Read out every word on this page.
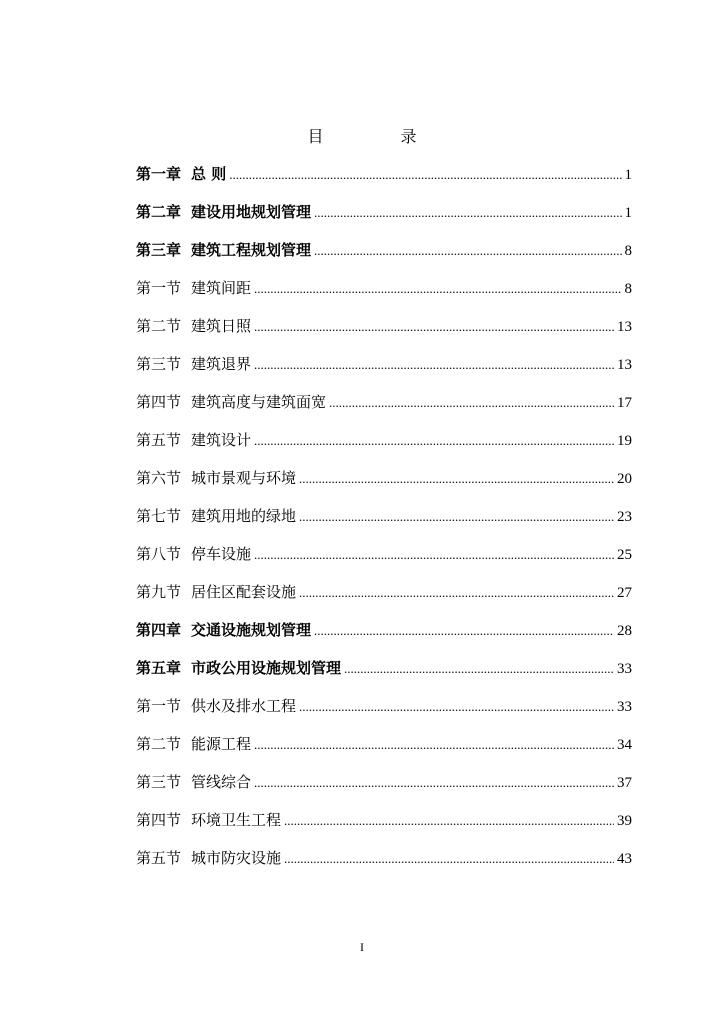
目 录
第一章 总 则 .....	1
第二章 建设用地规划管理 .....	1
第三章 建筑工程规划管理 .....	8
第一节 建筑间距 .....	8
第二节 建筑日照 .....	13
第三节 建筑退界 .....	13
第四节 建筑高度与建筑面宽 .....	17
第五节 建筑设计 .....	19
第六节 城市景观与环境 .....	20
第七节 建筑用地的绿地 .....	23
第八节 停车设施 .....	25
第九节 居住区配套设施 .....	27
第四章 交通设施规划管理 .....	28
第五章 市政公用设施规划管理 .....	33
第一节 供水及排水工程 .....	33
第二节 能源工程 .....	34
第三节 管线综合 .....	37
第四节 环境卫生工程 .....	39
第五节 城市防灾设施 .....	43
I
